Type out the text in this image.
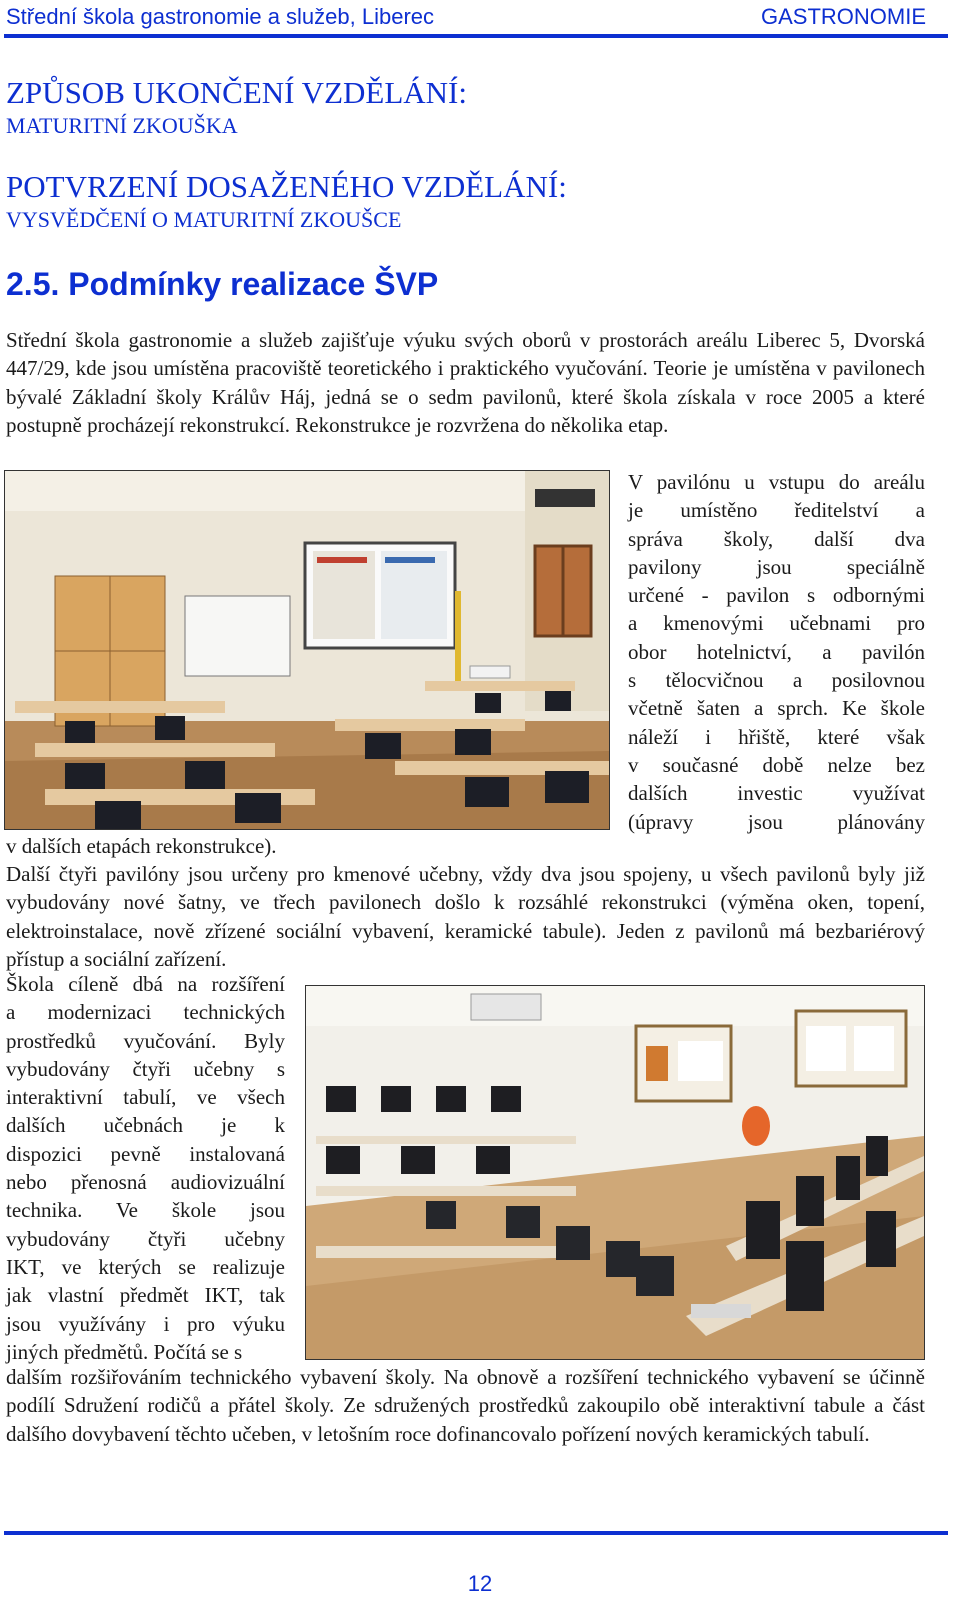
Střední škola gastronomie a služeb, Liberec	GASTRONOMIE
ZPŮSOB UKONČENÍ VZDĚLÁNÍ:
MATURITNÍ ZKOUŠKA
POTVRZENÍ DOSAŽENÉHO VZDĚLÁNÍ:
VYSVĚDČENÍ O MATURITNÍ ZKOUŠCE
2.5. Podmínky realizace ŠVP

Střední škola gastronomie a služeb zajišťuje výuku svých oborů v prostorách areálu Liberec 5, Dvorská 447/29, kde jsou umístěna pracoviště teoretického i praktického vyučování. Teorie je umístěna v pavilonech bývalé Základní školy Králův Háj, jedná se o sedm pavilonů, které škola získala v roce 2005 a které postupně procházejí rekonstrukcí. Rekonstrukce je rozvržena do několika etap.

V pavilónu u vstupu do areálu

je umístěno ředitelství a

správa školy, další dva

pavilony jsou speciálně

určené - pavilon s odbornými

a kmenovými učebnami pro

obor hotelnictví, a pavilón

s tělocvičnou a posilovnou

včetně šaten a sprch. Ke škole

náleží i hřiště, které však

v současné době nelze bez

dalších investic využívat

(úpravy jsou plánovány

v dalších etapách rekonstrukce).

Další čtyři pavilóny jsou určeny pro kmenové učebny, vždy dva jsou spojeny, u všech pavilonů byly již vybudovány nové šatny, ve třech pavilonech došlo k rozsáhlé rekonstrukci (výměna oken, topení, elektroinstalace, nově zřízené sociální vybavení, keramické tabule). Jeden z pavilonů má bezbariérový přístup a sociální zařízení.

Škola cíleně dbá na rozšíření

a modernizaci technických

prostředků vyučování. Byly

vybudovány čtyři učebny s

interaktivní tabulí, ve všech

dalších učebnách je k

dispozici pevně instalovaná

nebo přenosná audiovizuální

technika. Ve škole jsou

vybudovány čtyři učebny

IKT, ve kterých se realizuje

jak vlastní předmět IKT, tak

jsou využívány i pro výuku

jiných předmětů. Počítá se s

dalším rozšiřováním technického vybavení školy. Na obnově a rozšíření technického vybavení se účinně podílí Sdružení rodičů a přátel školy. Ze sdružených prostředků zakoupilo obě interaktivní tabule a část dalšího dovybavení těchto učeben, v letošním roce dofinancovalo pořízení nových keramických tabulí.

12
